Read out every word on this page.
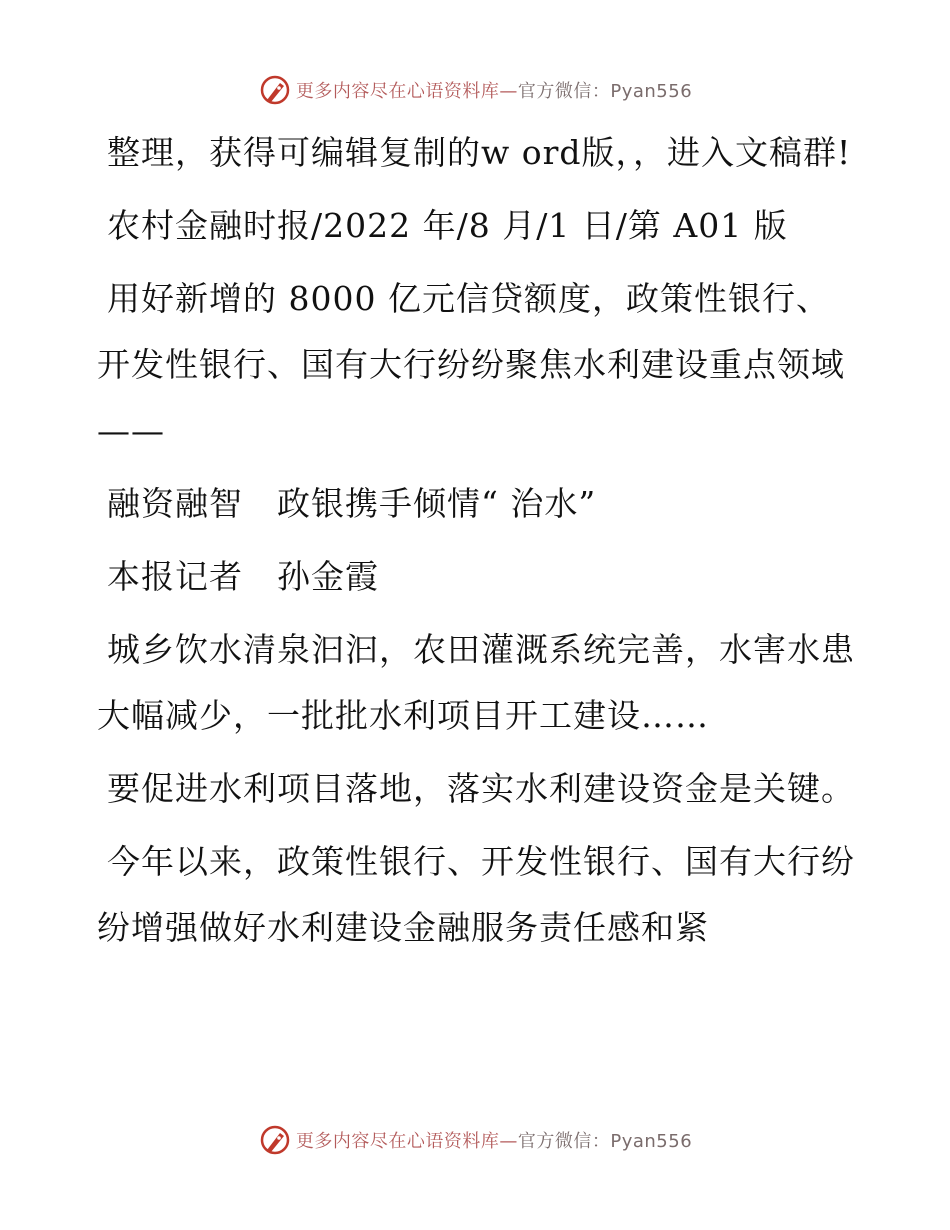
更多内容尽在心语资料库—官方微信：Pyan556

整理，获得可编辑复制的w ord版，，进入文稿群!

农村金融时报/2022 年/8 月/1 日/第 A01 版

用好新增的 8000 亿元信贷额度，政策性银行、开发性银行、国有大行纷纷聚焦水利建设重点领域——

融资融智　政银携手倾情“ 治水”

本报记者　孙金霞

城乡饮水清泉汩汩，农田灌溉系统完善，水害水患大幅减少，一批批水利项目开工建设……

要促进水利项目落地，落实水利建设资金是关键。

今年以来，政策性银行、开发性银行、国有大行纷纷增强做好水利建设金融服务责任感和紧

更多内容尽在心语资料库—官方微信：Pyan556
